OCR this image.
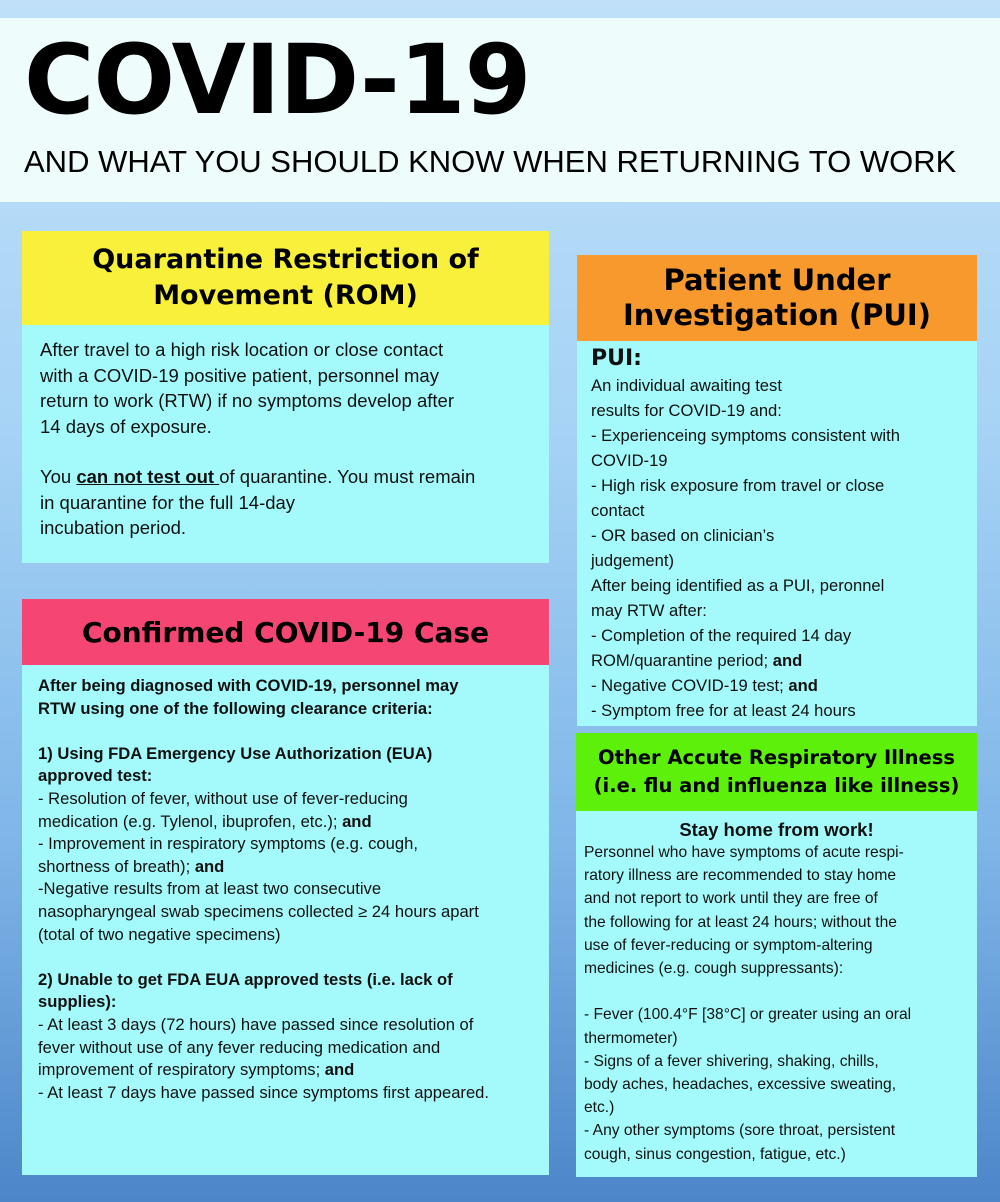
COVID-19
AND WHAT YOU SHOULD KNOW WHEN RETURNING TO WORK
Quarantine Restriction of Movement (ROM)

After travel to a high risk location or close contact
with a COVID-19 positive patient, personnel may
return to work (RTW) if no symptoms develop after
14 days of exposure.

You can not test out of quarantine. You must remain
in quarantine for the full 14-day
incubation period.

Confirmed COVID-19 Case
After being diagnosed with COVID-19, personnel may
RTW using one of the following clearance criteria:

1) Using FDA Emergency Use Authorization (EUA)
approved test:
- Resolution of fever, without use of fever-reducing
medication (e.g. Tylenol, ibuprofen, etc.); and
- Improvement in respiratory symptoms (e.g. cough,
shortness of breath); and
-Negative results from at least two consecutive
nasopharyngeal swab specimens collected ≥ 24 hours apart
(total of two negative specimens)

2) Unable to get FDA EUA approved tests (i.e. lack of
supplies):
- At least 3 days (72 hours) have passed since resolution of
fever without use of any fever reducing medication and
improvement of respiratory symptoms; and
- At least 7 days have passed since symptoms first appeared.
Patient Under Investigation (PUI)
PUI:
An individual awaiting test
results for COVID-19 and:
- Experienceing symptoms consistent with
COVID-19
- High risk exposure from travel or close
contact
- OR based on clinician’s
judgement)
After being identified as a PUI, peronnel
may RTW after:
- Completion of the required 14 day
ROM/quarantine period; and
- Negative COVID-19 test; and
- Symptom free for at least 24 hours
Other Accute Respiratory Illness (i.e. flu and influenza like illness)
Stay home from work!
Personnel who have symptoms of acute respi-
ratory illness are recommended to stay home
and not report to work until they are free of
the following for at least 24 hours; without the
use of fever-reducing or symptom-altering
medicines (e.g. cough suppressants):

- Fever (100.4°F [38°C] or greater using an oral
thermometer)
- Signs of a fever shivering, shaking, chills,
body aches, headaches, excessive sweating,
etc.)
- Any other symptoms (sore throat, persistent
cough, sinus congestion, fatigue, etc.)
